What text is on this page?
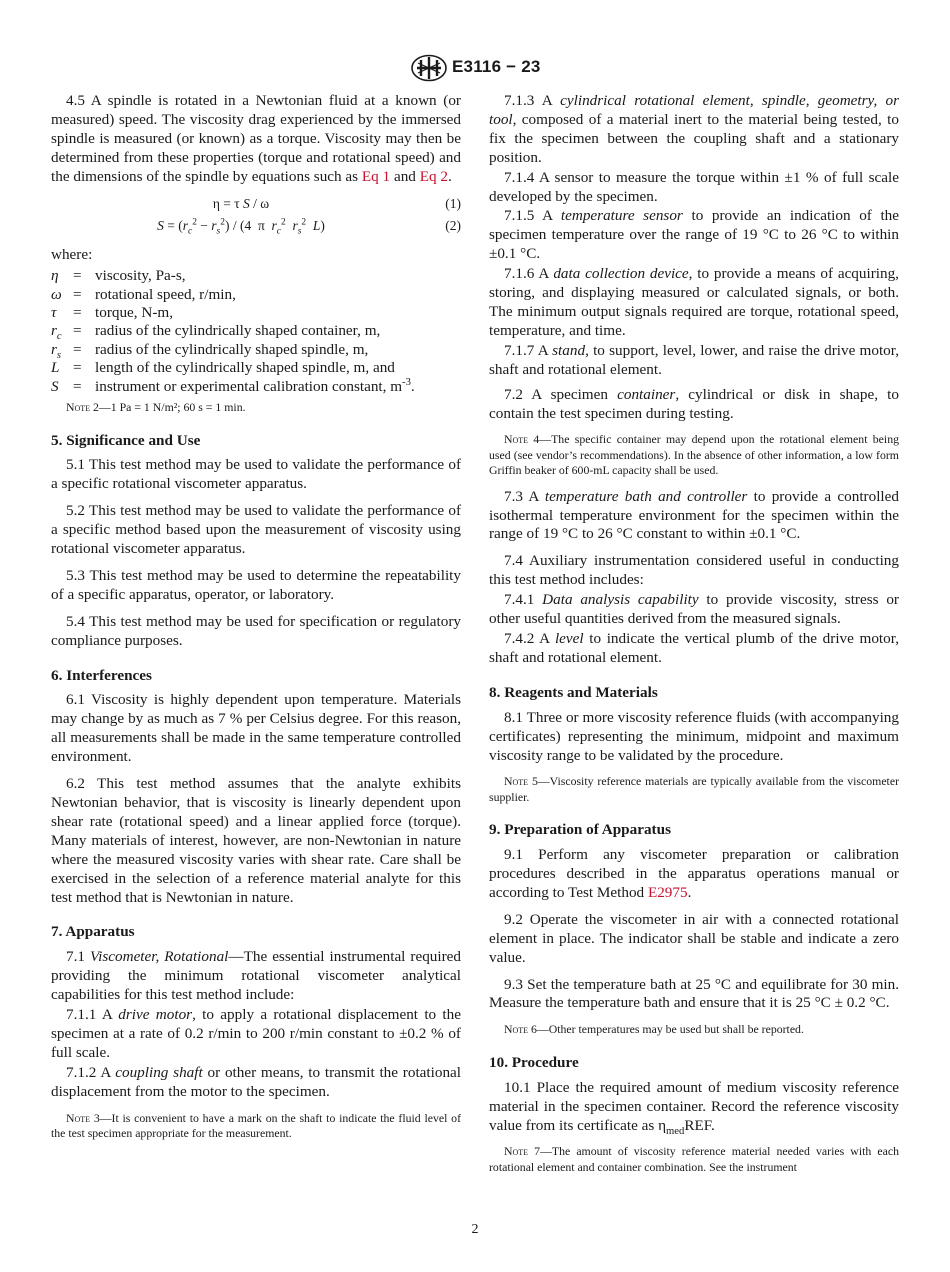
E3116 − 23

4.5 A spindle is rotated in a Newtonian fluid at a known (or measured) speed. The viscosity drag experienced by the immersed spindle is measured (or known) as a torque. Viscosity may then be determined from these properties (torque and rotational speed) and the dimensions of the spindle by equations such as Eq 1 and Eq 2.

η = τ S / ω	(1)
$S = (r_c^2 - r_s^2) / (4$  π  $r_c^2$ $r_s^2$ L)	(2)
where:
η = viscosity, Pa-s,
ω = rotational speed, r/min,
τ	= torque, N-m,
$r_c$ = radius of the cylindrically shaped container, m,
$r_s$ = radius of the cylindrically shaped spindle, m,
L = length of the cylindrically shaped spindle, m, and
S = instrument or experimental calibration constant, $m^{-3}$.

Note 2—1 Pa = 1 N/m²; 60 s = 1 min.

5. Significance and Use

5.1 This test method may be used to validate the performance of a specific rotational viscometer apparatus.

5.2 This test method may be used to validate the performance of a specific method based upon the measurement of viscosity using rotational viscometer apparatus.

5.3 This test method may be used to determine the repeatability of a specific apparatus, operator, or laboratory.

5.4 This test method may be used for specification or regulatory compliance purposes.

6. Interferences

6.1 Viscosity is highly dependent upon temperature. Materials may change by as much as 7 % per Celsius degree. For this reason, all measurements shall be made in the same temperature controlled environment.

6.2 This test method assumes that the analyte exhibits Newtonian behavior, that is viscosity is linearly dependent upon shear rate (rotational speed) and a linear applied force (torque). Many materials of interest, however, are non-Newtonian in nature where the measured viscosity varies with shear rate. Care shall be exercised in the selection of a reference material analyte for this test method that is Newtonian in nature.

7. Apparatus

7.1 Viscometer, Rotational—The essential instrumental required providing the minimum rotational viscometer analytical capabilities for this test method include:

7.1.1 A drive motor, to apply a rotational displacement to the specimen at a rate of 0.2 r/min to 200 r/min constant to ±0.2 % of full scale.

7.1.2 A coupling shaft or other means, to transmit the rotational displacement from the motor to the specimen.

Note 3—It is convenient to have a mark on the shaft to indicate the fluid level of the test specimen appropriate for the measurement.

7.1.3 A cylindrical rotational element, spindle, geometry, or tool, composed of a material inert to the material being tested, to fix the specimen between the coupling shaft and a stationary position.

7.1.4 A sensor to measure the torque within ±1 % of full scale developed by the specimen.

7.1.5 A temperature sensor to provide an indication of the specimen temperature over the range of 19 °C to 26 °C to within ±0.1 °C.

7.1.6 A data collection device, to provide a means of acquiring, storing, and displaying measured or calculated signals, or both. The minimum output signals required are torque, rotational speed, temperature, and time.

7.1.7 A stand, to support, level, lower, and raise the drive motor, shaft and rotational element.

7.2 A specimen container, cylindrical or disk in shape, to contain the test specimen during testing.

Note 4—The specific container may depend upon the rotational element being used (see vendor’s recommendations). In the absence of other information, a low form Griffin beaker of 600-mL capacity shall be used.

7.3 A temperature bath and controller to provide a controlled isothermal temperature environment for the specimen within the range of 19 °C to 26 °C constant to within ±0.1 °C.

7.4 Auxiliary instrumentation considered useful in conducting this test method includes:

7.4.1 Data analysis capability to provide viscosity, stress or other useful quantities derived from the measured signals.

7.4.2 A level to indicate the vertical plumb of the drive motor, shaft and rotational element.

8. Reagents and Materials

8.1 Three or more viscosity reference fluids (with accompanying certificates) representing the minimum, midpoint and maximum viscosity range to be validated by the procedure.

Note 5—Viscosity reference materials are typically available from the viscometer supplier.

9. Preparation of Apparatus

9.1 Perform any viscometer preparation or calibration procedures described in the apparatus operations manual or according to Test Method E2975.

9.2 Operate the viscometer in air with a connected rotational element in place. The indicator shall be stable and indicate a zero value.

9.3 Set the temperature bath at 25 °C and equilibrate for 30 min. Measure the temperature bath and ensure that it is 25 °C ± 0.2 °C.

Note 6—Other temperatures may be used but shall be reported.

10. Procedure

10.1 Place the required amount of medium viscosity reference material in the specimen container. Record the reference viscosity value from its certificate as $\eta_{med}REF$.

Note 7—The amount of viscosity reference material needed varies with each rotational element and container combination. See the instrument

2
